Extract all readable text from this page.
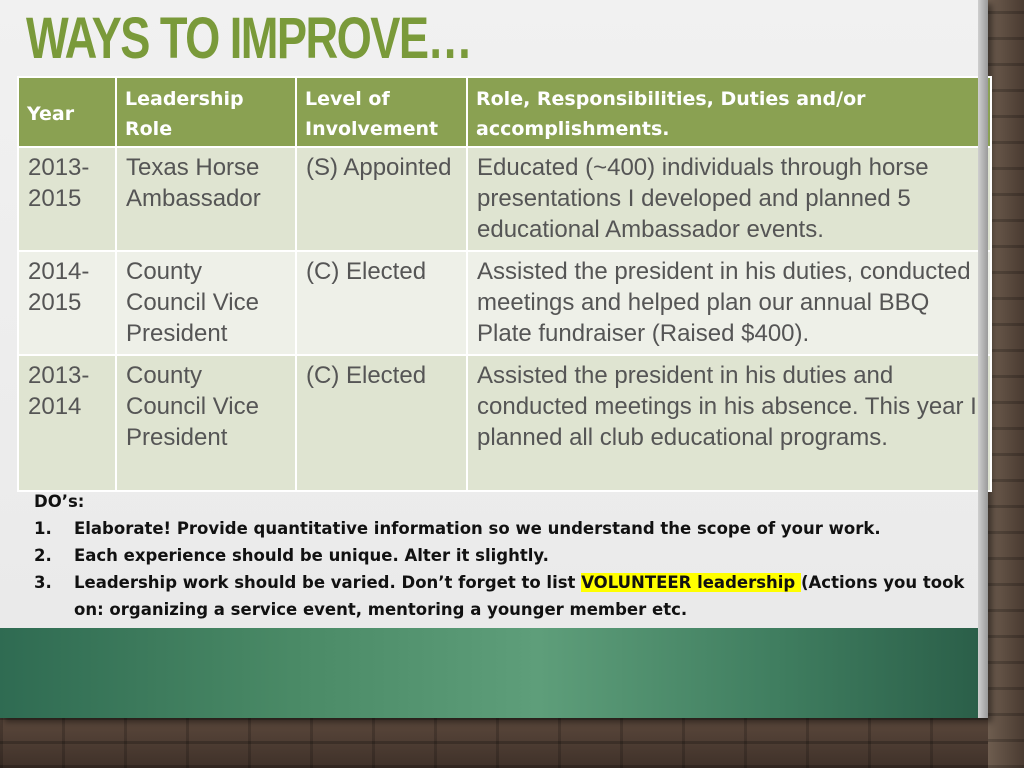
WAYS TO IMPROVE…
Year	Leadership Role	Level of Involvement	Role, Responsibilities, Duties and/or accomplishments.
2013-2015	Texas Horse Ambassador	(S) Appointed	Educated (~400) individuals through horse presentations I developed and planned 5 educational Ambassador events.
2014-2015	County Council Vice President	(C) Elected	Assisted the president in his duties, conducted meetings and helped plan our annual BBQ Plate fundraiser (Raised $400).
2013-2014	County Council Vice President	(C) Elected	Assisted the president in his duties and conducted meetings in his absence. This year I planned all club educational programs.
DO’s:
1. Elaborate! Provide quantitative information so we understand the scope of your work.
2. Each experience should be unique. Alter it slightly.
3. Leadership work should be varied. Don’t forget to list VOLUNTEER leadership (Actions you took on: organizing a service event, mentoring a younger member etc.
